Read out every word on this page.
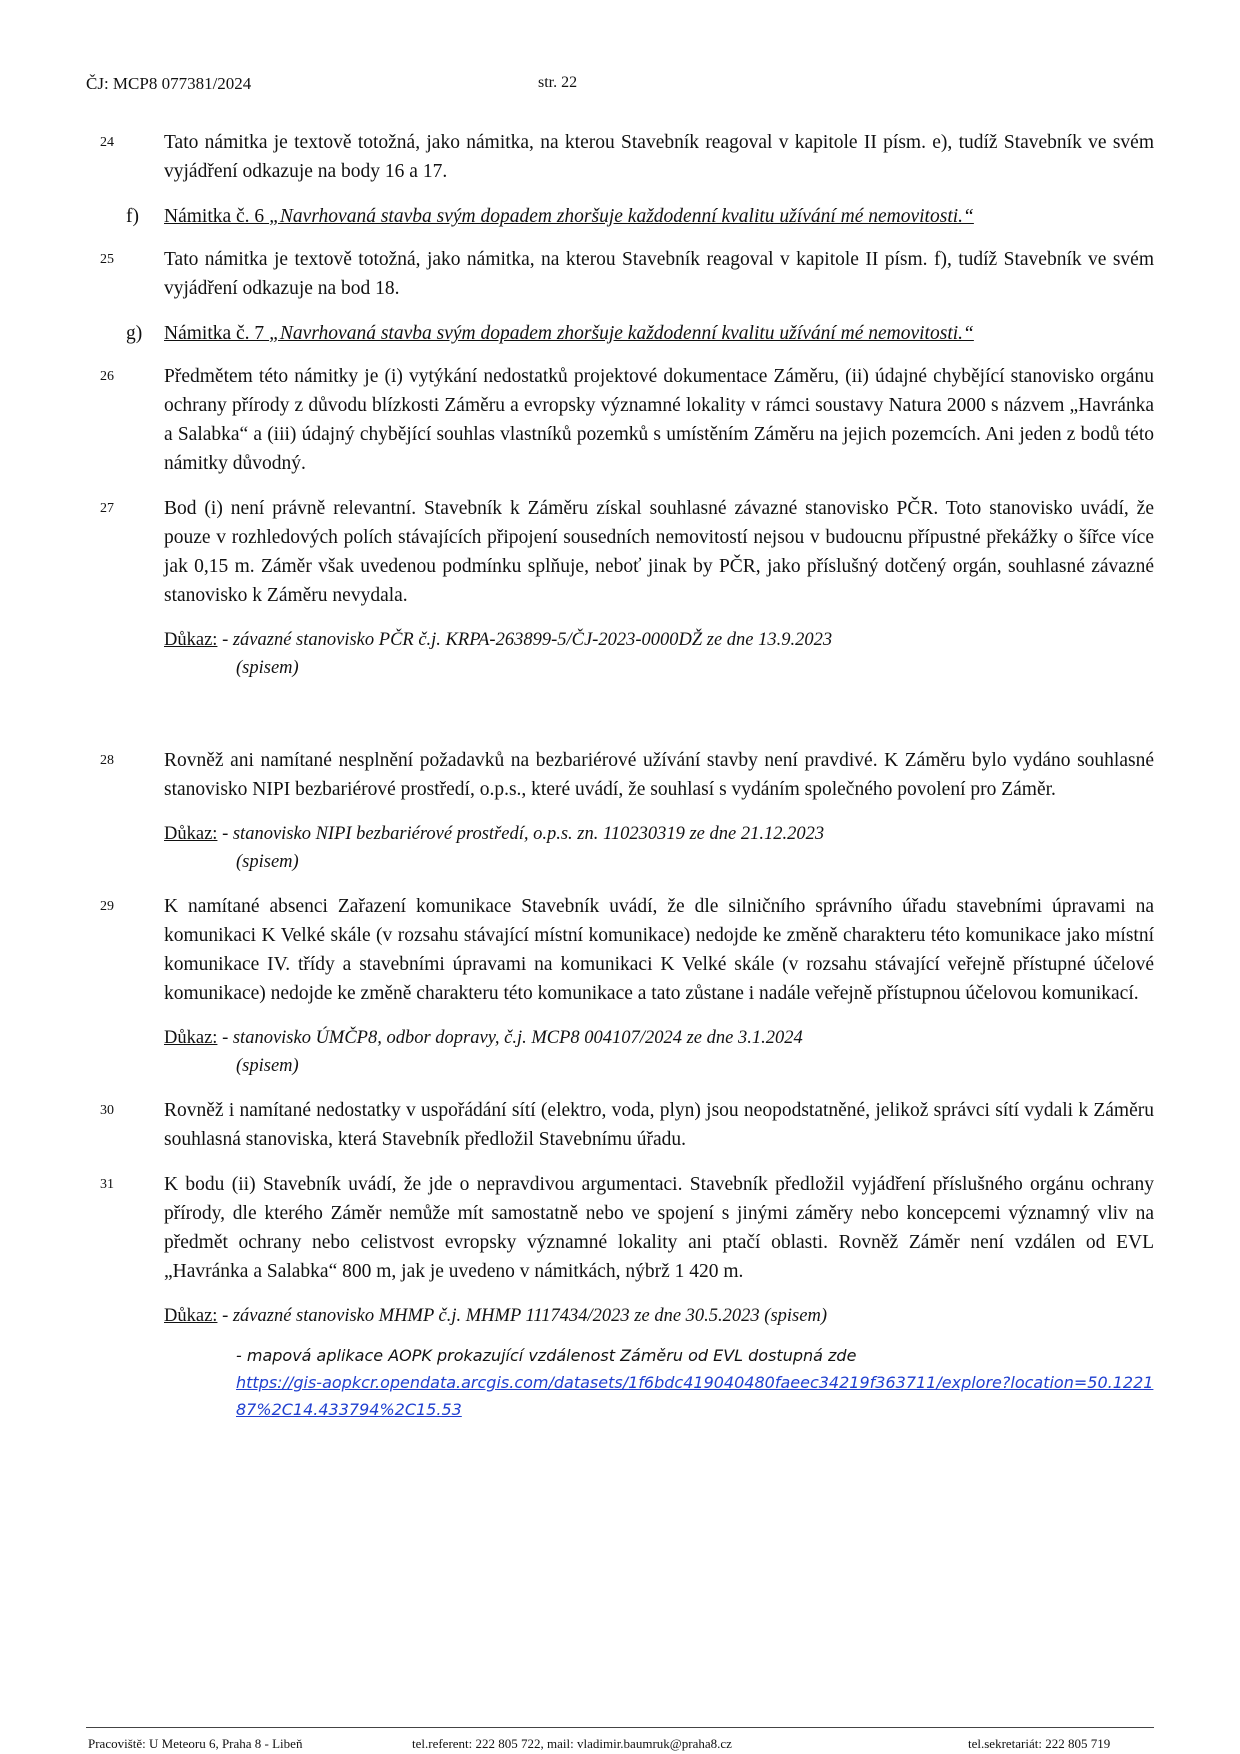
ČJ: MCP8 077381/2024	str. 22
24	Tato námitka je textově totožná, jako námitka, na kterou Stavebník reagoval v kapitole II písm. e), tudíž Stavebník ve svém vyjádření odkazuje na body 16 a 17.
f) Námitka č. 6 „Navrhovaná stavba svým dopadem zhoršuje každodenní kvalitu užívání mé nemovitosti.“
25	Tato námitka je textově totožná, jako námitka, na kterou Stavebník reagoval v kapitole II písm. f), tudíž Stavebník ve svém vyjádření odkazuje na bod 18.
g) Námitka č. 7 „Navrhovaná stavba svým dopadem zhoršuje každodenní kvalitu užívání mé nemovitosti.“
26	Předmětem této námitky je (i) vytýkání nedostatků projektové dokumentace Záměru, (ii) údajné chybějící stanovisko orgánu ochrany přírody z důvodu blízkosti Záměru a evropsky významné lokality v rámci soustavy Natura 2000 s názvem „Havránka a Salabka“ a (iii) údajný chybějící souhlas vlastníků pozemků s umístěním Záměru na jejich pozemcích. Ani jeden z bodů této námitky důvodný.
27	Bod (i) není právně relevantní. Stavebník k Záměru získal souhlasné závazné stanovisko PČR. Toto stanovisko uvádí, že pouze v rozhledových polích stávajících připojení sousedních nemovitostí nejsou v budoucnu přípustné překážky o šířce více jak 0,15 m. Záměr však uvedenou podmínku splňuje, neboť jinak by PČR, jako příslušný dotčený orgán, souhlasné závazné stanovisko k Záměru nevydala.
Důkaz: - závazné stanovisko PČR č.j. KRPA-263899-5/ČJ-2023-0000DŽ ze dne 13.9.2023
(spisem)
28	Rovněž ani namítané nesplnění požadavků na bezbariérové užívání stavby není pravdivé. K Záměru bylo vydáno souhlasné stanovisko NIPI bezbariérové prostředí, o.p.s., které uvádí, že souhlasí s vydáním společného povolení pro Záměr.
Důkaz: - stanovisko NIPI bezbariérové prostředí, o.p.s. zn. 110230319 ze dne 21.12.2023
(spisem)
29	K namítané absenci Zařazení komunikace Stavebník uvádí, že dle silničního správního úřadu stavebními úpravami na komunikaci K Velké skále (v rozsahu stávající místní komunikace) nedojde ke změně charakteru této komunikace jako místní komunikace IV. třídy a stavebními úpravami na komunikaci K Velké skále (v rozsahu stávající veřejně přístupné účelové komunikace) nedojde ke změně charakteru této komunikace a tato zůstane i nadále veřejně přístupnou účelovou komunikací.
Důkaz: - stanovisko ÚMČP8, odbor dopravy, č.j. MCP8 004107/2024 ze dne 3.1.2024
(spisem)
30	Rovněž i namítané nedostatky v uspořádání sítí (elektro, voda, plyn) jsou neopodstatněné, jelikož správci sítí vydali k Záměru souhlasná stanoviska, která Stavebník předložil Stavebnímu úřadu.
31	K bodu (ii) Stavebník uvádí, že jde o nepravdivou argumentaci. Stavebník předložil vyjádření příslušného orgánu ochrany přírody, dle kterého Záměr nemůže mít samostatně nebo ve spojení s jinými záměry nebo koncepcemi významný vliv na předmět ochrany nebo celistvost evropsky významné lokality ani ptačí oblasti. Rovněž Záměr není vzdálen od EVL „Havránka a Salabka“ 800 m, jak je uvedeno v námitkách, nýbrž 1 420 m.
Důkaz: - závazné stanovisko MHMP č.j. MHMP 1117434/2023 ze dne 30.5.2023 (spisem)
- mapová aplikace AOPK prokazující vzdálenost Záměru od EVL dostupná zde
https://gis-aopkcr.opendata.arcgis.com/datasets/1f6bdc419040480faeec34219f363711/explore?location=50.122187%2C14.433794%2C15.53
Pracoviště: U Meteoru 6, Praha 8 - Libeň	tel.referent: 222 805 722, mail: vladimir.baumruk@praha8.cz	tel.sekretariát: 222 805 719
